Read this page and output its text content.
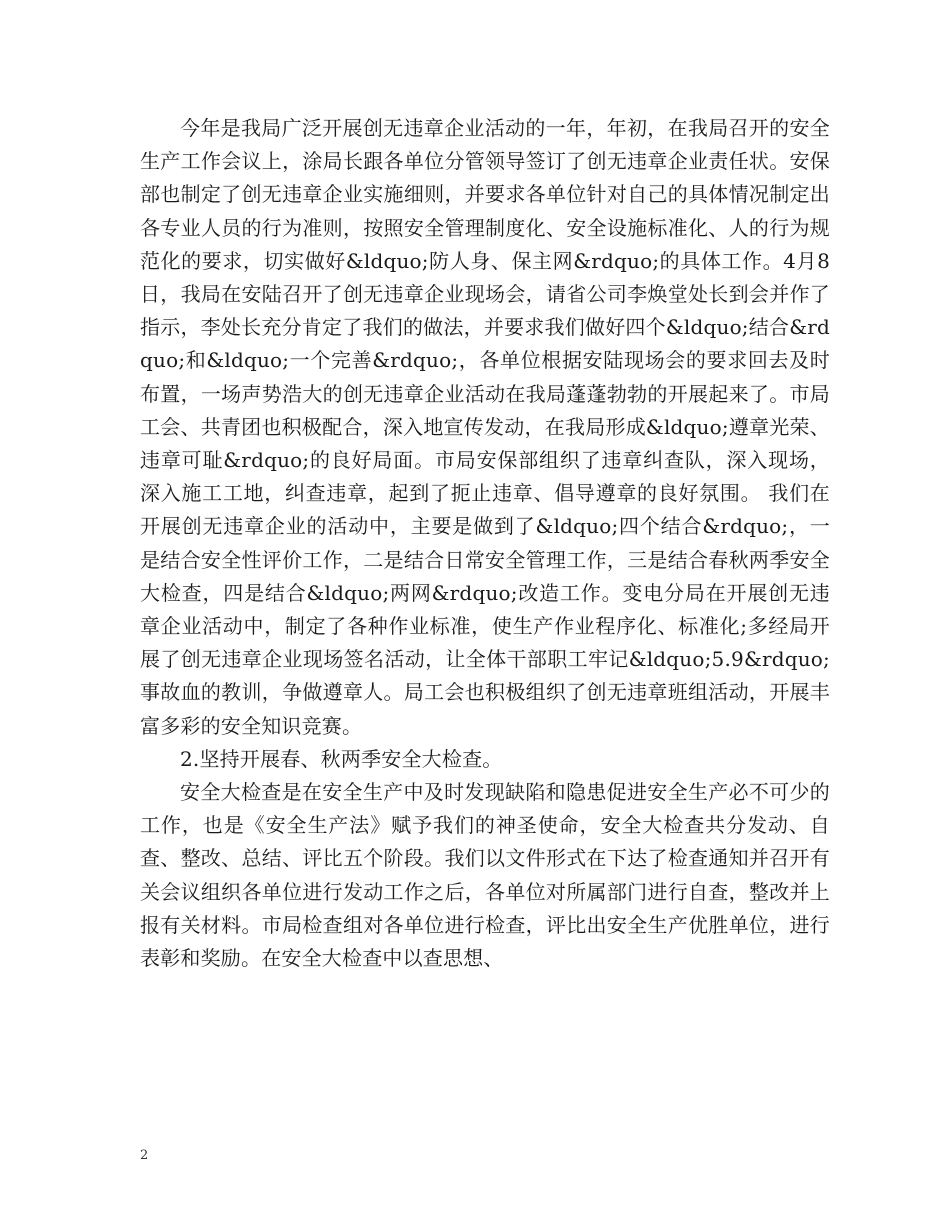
今年是我局广泛开展创无违章企业活动的一年，年初，在我局召开的安全生产工作会议上，涂局长跟各单位分管领导签订了创无违章企业责任状。安保部也制定了创无违章企业实施细则，并要求各单位针对自己的具体情况制定出各专业人员的行为准则，按照安全管理制度化、安全设施标准化、人的行为规范化的要求，切实做好&ldquo;防人身、保主网&rdquo;的具体工作。4月8日，我局在安陆召开了创无违章企业现场会，请省公司李焕堂处长到会并作了指示，李处长充分肯定了我们的做法，并要求我们做好四个&ldquo;结合&rdquo;和&ldquo;一个完善&rdquo;，各单位根据安陆现场会的要求回去及时布置，一场声势浩大的创无违章企业活动在我局蓬蓬勃勃的开展起来了。市局工会、共青团也积极配合，深入地宣传发动，在我局形成&ldquo;遵章光荣、违章可耻&rdquo;的良好局面。市局安保部组织了违章纠查队，深入现场，深入施工工地，纠查违章，起到了扼止违章、倡导遵章的良好氛围。 我们在开展创无违章企业的活动中，主要是做到了&ldquo;四个结合&rdquo;，一是结合安全性评价工作，二是结合日常安全管理工作，三是结合春秋两季安全大检查，四是结合&ldquo;两网&rdquo;改造工作。变电分局在开展创无违章企业活动中，制定了各种作业标准，使生产作业程序化、标准化;多经局开展了创无违章企业现场签名活动，让全体干部职工牢记&ldquo;5.9&rdquo;事故血的教训，争做遵章人。局工会也积极组织了创无违章班组活动，开展丰富多彩的安全知识竞赛。

2.坚持开展春、秋两季安全大检查。

安全大检查是在安全生产中及时发现缺陷和隐患促进安全生产必不可少的工作，也是《安全生产法》赋予我们的神圣使命，安全大检查共分发动、自查、整改、总结、评比五个阶段。我们以文件形式在下达了检查通知并召开有关会议组织各单位进行发动工作之后，各单位对所属部门进行自查，整改并上报有关材料。市局检查组对各单位进行检查，评比出安全生产优胜单位，进行表彰和奖励。在安全大检查中以查思想、

2
